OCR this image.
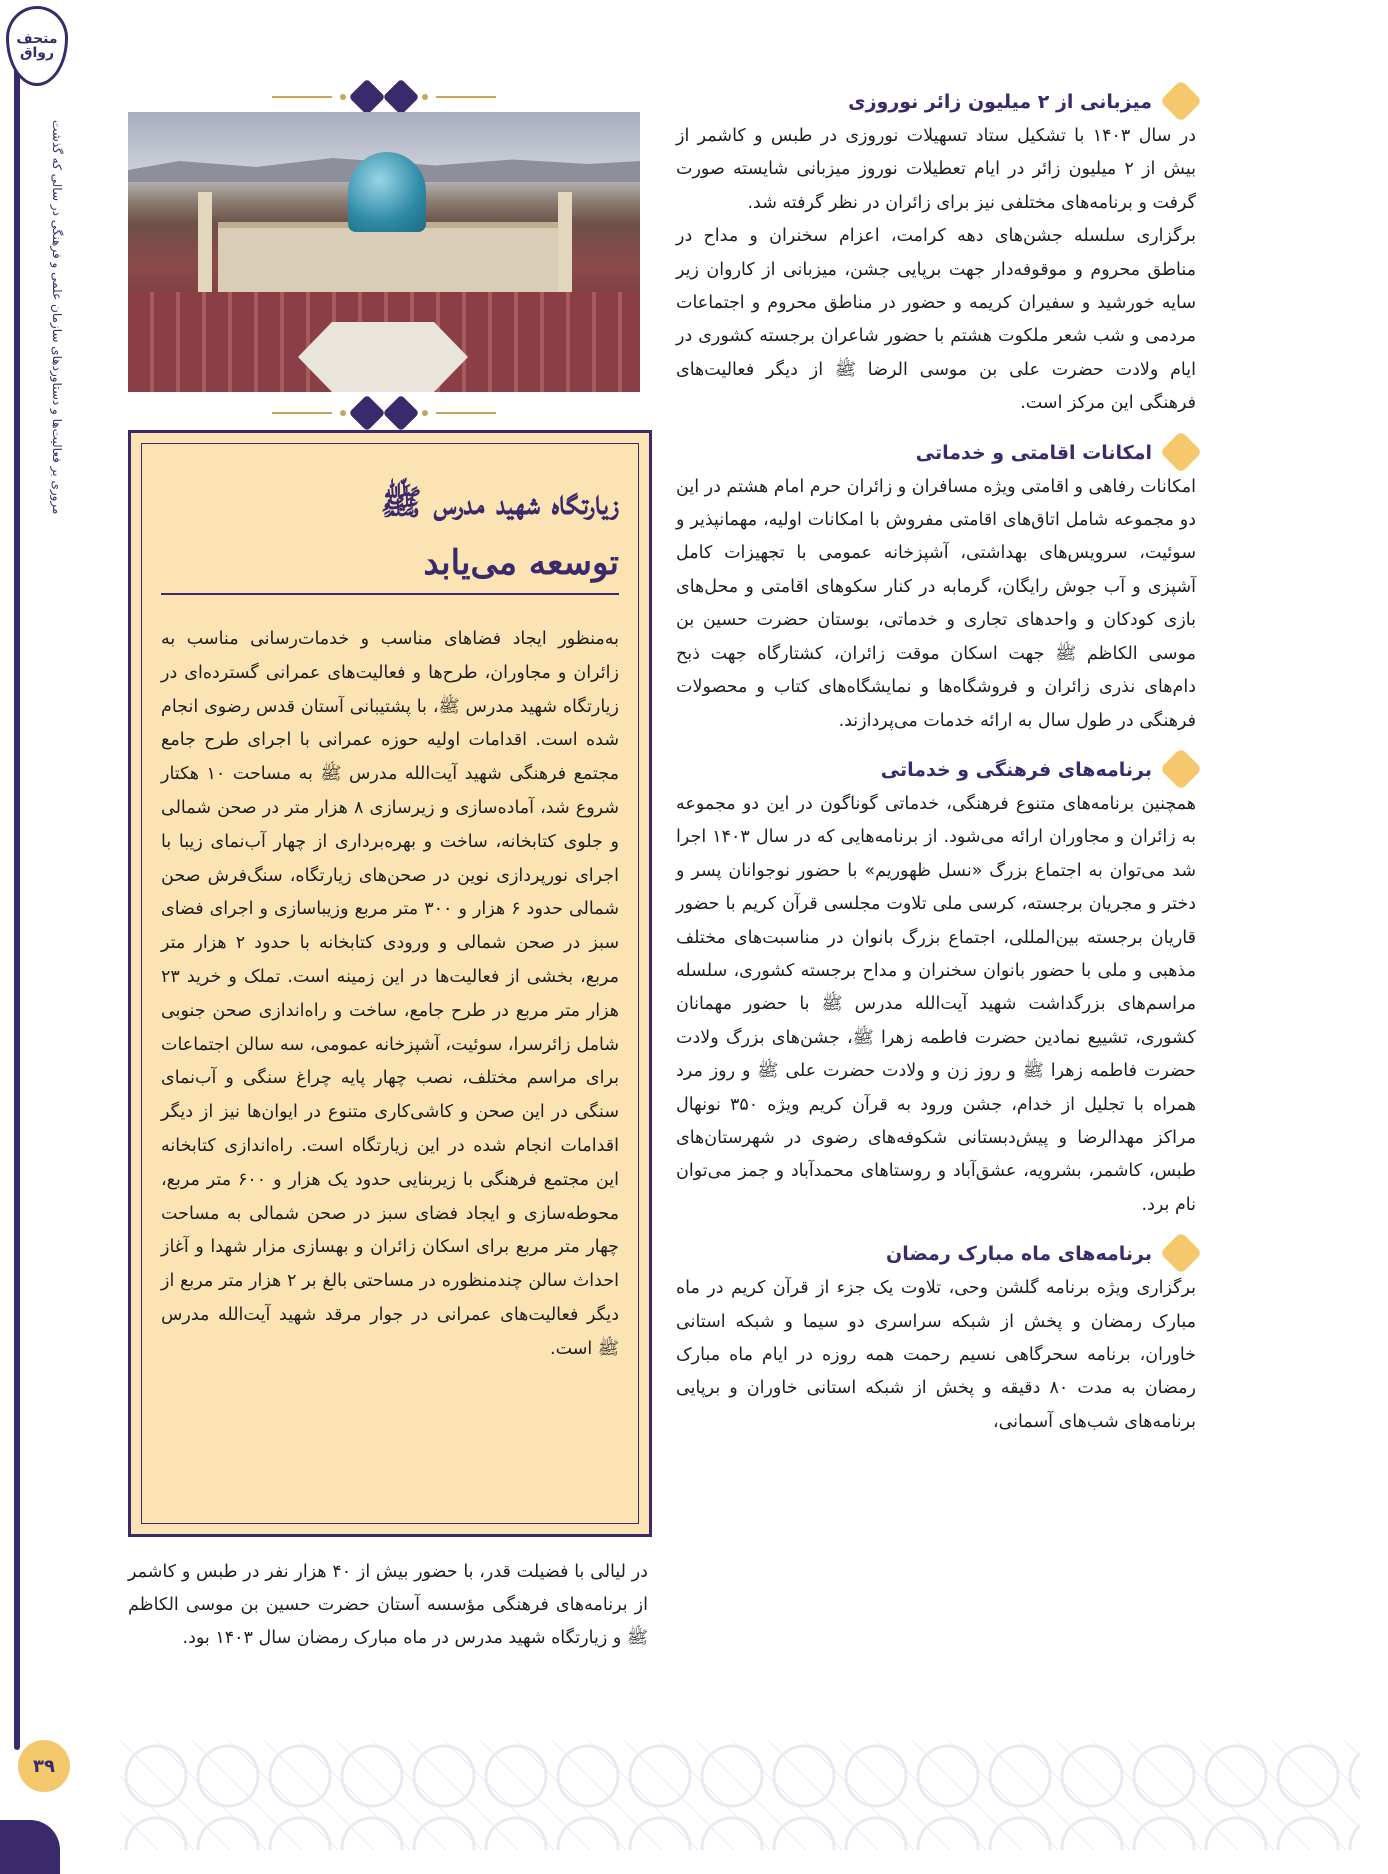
متحف رواق
مروری بر فعالیت‌ها و دستاوردهای سازمان علمی و فرهنگی در سالی که گذشت
۳۹
زیارتگاه شهید مدرس ﷺ
توسعه می‌یابد
به‌منظور ایجاد فضاهای مناسب و خدمات‌رسانی مناسب به زائران و مجاوران، طرح‌ها و فعالیت‌های عمرانی گسترده‌ای در زیارتگاه شهید مدرس ﷺ، با پشتیبانی آستان قدس رضوی انجام شده است. اقدامات اولیه حوزه عمرانی با اجرای طرح جامع مجتمع فرهنگی شهید آیت‌الله مدرس ﷺ به مساحت ۱۰ هکتار شروع شد، آماده‌سازی و زیرسازی ۸ هزار متر در صحن شمالی و جلوی کتابخانه، ساخت و بهره‌برداری از چهار آب‌نمای زیبا با اجرای نورپردازی نوین در صحن‌های زیارتگاه، سنگ‌فرش صحن شمالی حدود ۶ هزار و ۳۰۰ متر مربع وزیباسازی و اجرای فضای سبز در صحن شمالی و ورودی کتابخانه با حدود ۲ هزار متر مربع، بخشی از فعالیت‌ها در این زمینه است. تملک و خرید ۲۳ هزار متر مربع در طرح جامع، ساخت و راه‌اندازی صحن جنوبی شامل زائرسرا، سوئیت، آشپزخانه عمومی، سه سالن اجتماعات برای مراسم مختلف، نصب چهار پایه چراغ سنگی و آب‌نمای سنگی در این صحن و کاشی‌کاری متنوع در ایوان‌ها نیز از دیگر اقدامات انجام شده در این زیارتگاه است. راه‌اندازی کتابخانه این مجتمع فرهنگی با زیربنایی حدود یک هزار و ۶۰۰ متر مربع، محوطه‌سازی و ایجاد فضای سبز در صحن شمالی به مساحت چهار متر مربع برای اسکان زائران و بهسازی مزار شهدا و آغاز احداث سالن چندمنظوره در مساحتی بالغ بر ۲ هزار متر مربع از دیگر فعالیت‌های عمرانی در جوار مرقد شهید آیت‌الله مدرس ﷺ است.
در لیالی با فضیلت قدر، با حضور بیش از ۴۰ هزار نفر در طبس و کاشمر از برنامه‌های فرهنگی مؤسسه آستان حضرت حسین بن موسی الکاظم ﷺ و زیارتگاه شهید مدرس در ماه مبارک رمضان سال ۱۴۰۳ بود.
میزبانی از ۲ میلیون زائر نوروزی

در سال ۱۴۰۳ با تشکیل ستاد تسهیلات نوروزی در طبس و کاشمر از بیش از ۲ میلیون زائر در ایام تعطیلات نوروز میزبانی شایسته صورت گرفت و برنامه‌های مختلفی نیز برای زائران در نظر گرفته شد.

برگزاری سلسله جشن‌های دهه کرامت، اعزام سخنران و مداح در مناطق محروم و موقوفه‌دار جهت برپایی جشن، میزبانی از کاروان زیر سایه خورشید و سفیران کریمه و حضور در مناطق محروم و اجتماعات مردمی و شب شعر ملکوت هشتم با حضور شاعران برجسته کشوری در ایام ولادت حضرت علی بن موسی الرضا ﷺ از دیگر فعالیت‌های فرهنگی این مرکز است.

امکانات اقامتی و خدماتی

امکانات رفاهی و اقامتی ویژه مسافران و زائران حرم امام هشتم در این دو مجموعه شامل اتاق‌های اقامتی مفروش با امکانات اولیه، مهمانپذیر و سوئیت، سرویس‌های بهداشتی، آشپزخانه عمومی با تجهیزات کامل آشپزی و آب جوش رایگان، گرمابه در کنار سکوهای اقامتی و محل‌های بازی کودکان و واحدهای تجاری و خدماتی، بوستان حضرت حسین بن موسی الکاظم ﷺ جهت اسکان موقت زائران، کشتارگاه جهت ذبح دام‌های نذری زائران و فروشگاه‌ها و نمایشگاه‌های کتاب و محصولات فرهنگی در طول سال به ارائه خدمات می‌پردازند.

برنامه‌های فرهنگی و خدماتی

همچنین برنامه‌های متنوع فرهنگی، خدماتی گوناگون در این دو مجموعه به زائران و مجاوران ارائه می‌شود. از برنامه‌هایی که در سال ۱۴۰۳ اجرا شد می‌توان به اجتماع بزرگ «نسل ظهوریم» با حضور نوجوانان پسر و دختر و مجریان برجسته، کرسی ملی تلاوت مجلسی قرآن کریم با حضور قاریان برجسته بین‌المللی، اجتماع بزرگ بانوان در مناسبت‌های مختلف مذهبی و ملی با حضور بانوان سخنران و مداح برجسته کشوری، سلسله مراسم‌های بزرگداشت شهید آیت‌الله مدرس ﷺ با حضور مهمانان کشوری، تشییع نمادین حضرت فاطمه زهرا ﷺ، جشن‌های بزرگ ولادت حضرت فاطمه زهرا ﷺ و روز زن و ولادت حضرت علی ﷺ و روز مرد همراه با تجلیل از خدام، جشن ورود به قرآن کریم ویژه ۳۵۰ نونهال مراکز مهدالرضا و پیش‌دبستانی شکوفه‌های رضوی در شهرستان‌های طبس، کاشمر، بشرویه، عشق‌آباد و روستاهای محمدآباد و جمز می‌توان نام برد.

برنامه‌های ماه مبارک رمضان

برگزاری ویژه برنامه گلشن وحی، تلاوت یک جزء از قرآن کریم در ماه مبارک رمضان و پخش از شبکه سراسری دو سیما و شبکه استانی خاوران، برنامه سحرگاهی نسیم رحمت همه روزه در ایام ماه مبارک رمضان به مدت ۸۰ دقیقه و پخش از شبکه استانی خاوران و برپایی برنامه‌های شب‌های آسمانی،
